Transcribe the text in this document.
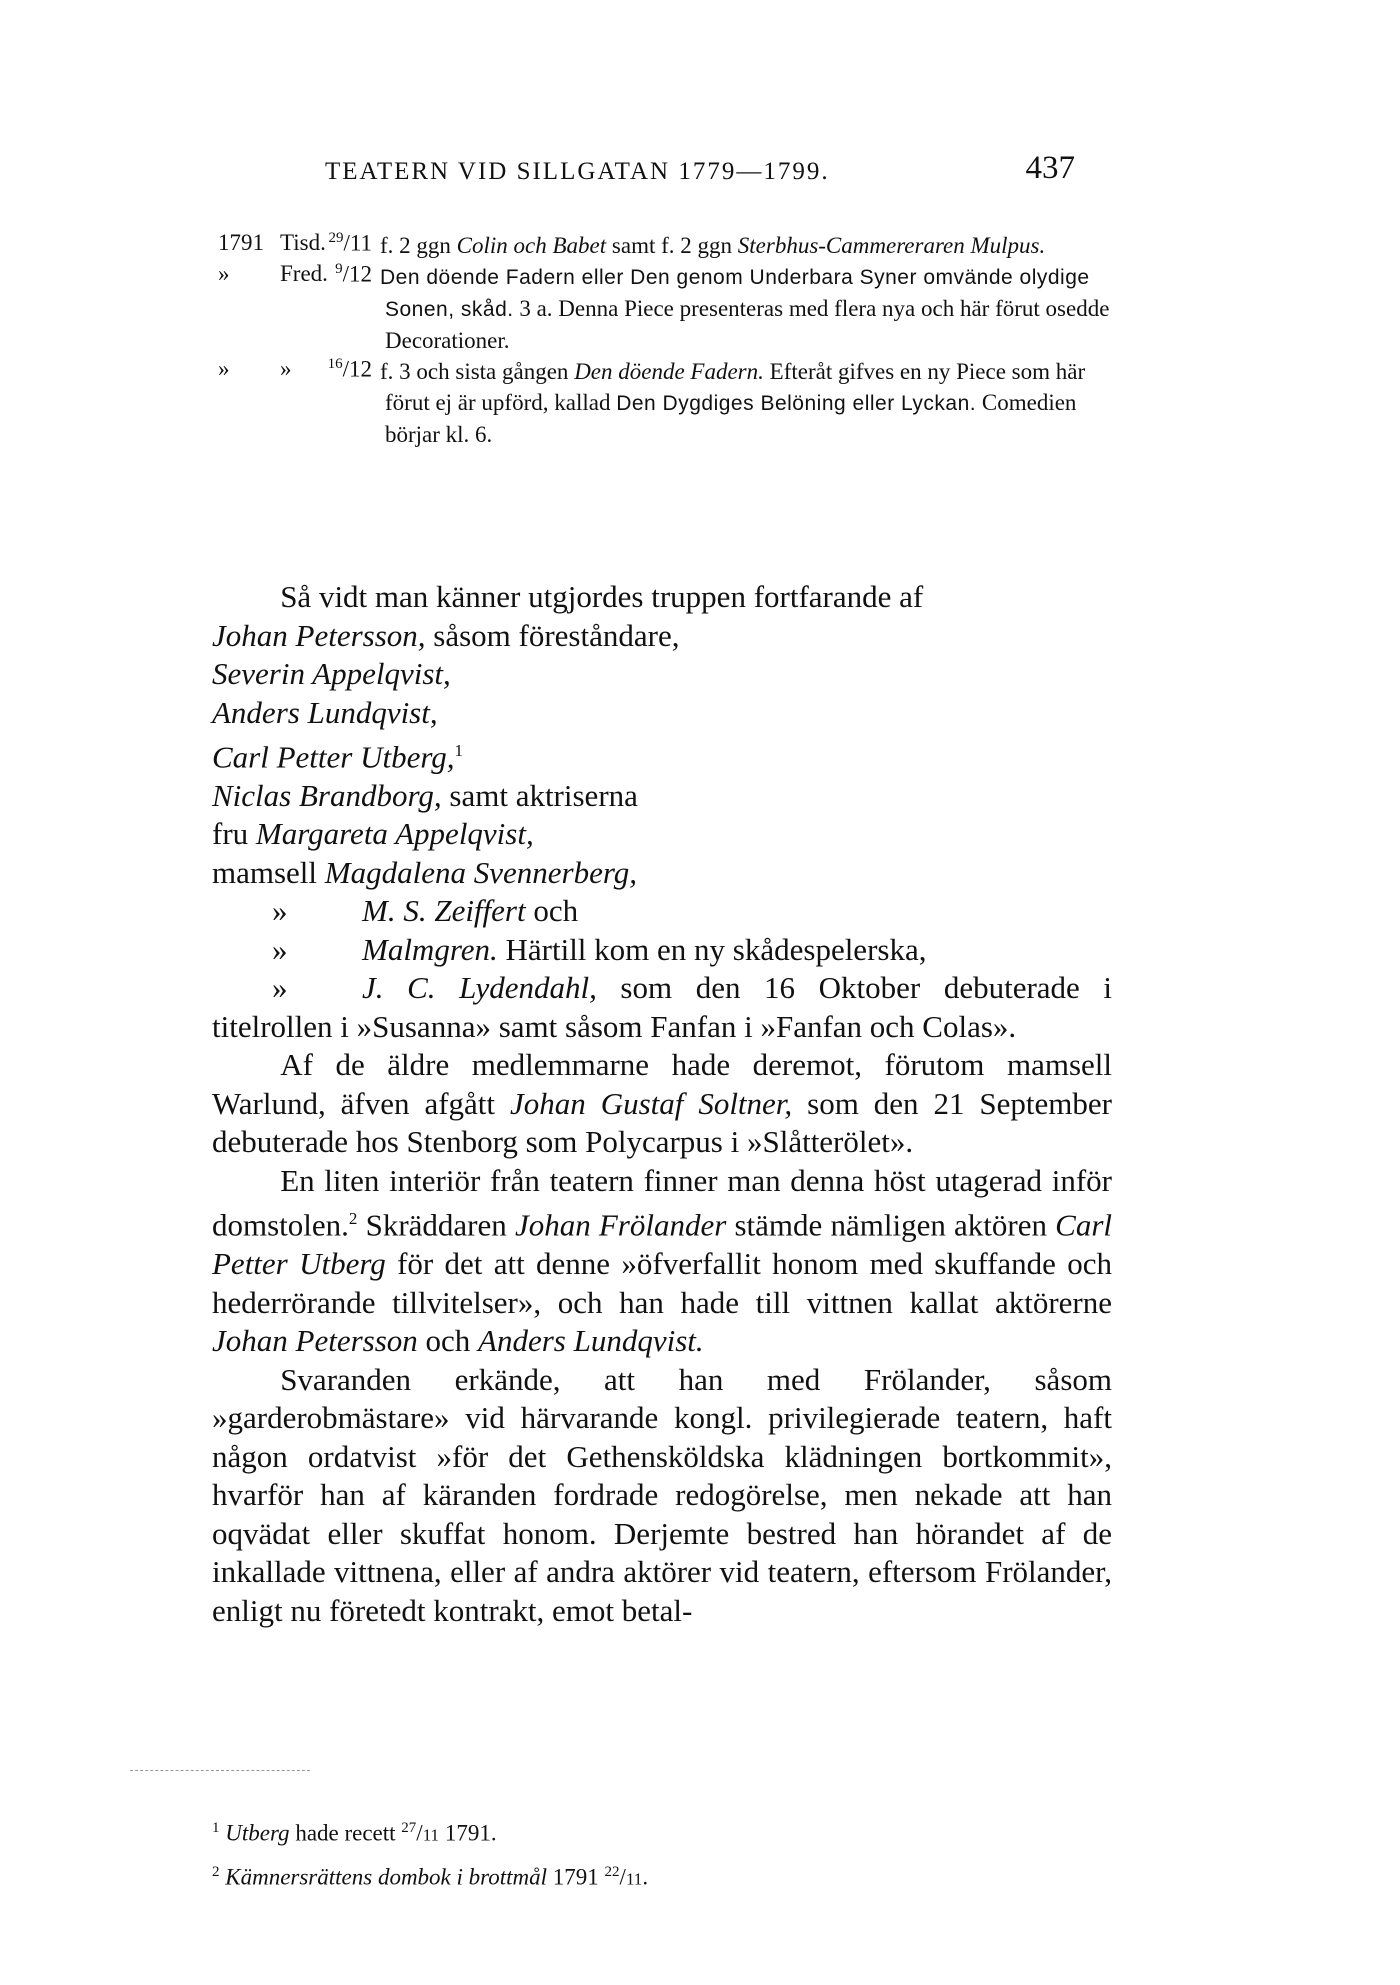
TEATERN VID SILLGATAN 1779—1799.	437
1791 Tisd. $^{29}$/11 f. 2 ggn Colin och Babet samt f. 2 ggn Sterbhus-Cammereraren Mulpus.
» Fred. $^9$/12 Den döende Fadern eller Den genom Underbara Syner omvände olydige Sonen, skåd. 3 a. Denna Piece presenteras med flera nya och här förut osedde Decorationer.
» »	$^{16}$/12 f. 3 och sista gången Den döende Fadern. Efteråt gifves en ny Piece som här förut ej är upförd, kallad Den Dygdiges Belöning eller Lyckan. Comedien börjar kl. 6.

Så vidt man känner utgjordes truppen fortfarande af

Johan Petersson, såsom föreståndare,
Severin Appelqvist,
Anders Lundqvist,
Carl Petter Utberg,$^1$
Niclas Brandborg, samt aktriserna
fru Margareta Appelqvist,
mamsell Magdalena Svennerberg,
» M. S. Zeiffert och
» Malmgren. Härtill kom en ny skådespelerska,

» J. C. Lydendahl, som den 16 Oktober debuterade i titelrollen i »Susanna» samt såsom Fanfan i »Fanfan och Colas».

Af de äldre medlemmarne hade deremot, förutom mamsell Warlund, äfven afgått Johan Gustaf Soltner, som den 21 September debuterade hos Stenborg som Polycarpus i »Slåtterölet».

En liten interiör från teatern finner man denna höst utagerad inför domstolen.$^2$ Skräddaren Johan Frölander stämde nämligen aktören Carl Petter Utberg för det att denne »öfverfallit honom med skuffande och hederrörande tillvitelser», och han hade till vittnen kallat aktörerne Johan Petersson och Anders Lundqvist.

Svaranden erkände, att han med Frölander, såsom »garderobmästare» vid härvarande kongl. privilegierade teatern, haft någon ordatvist »för det Gethensköldska klädningen bortkommit», hvarför han af käranden fordrade redogörelse, men nekade att han oqvädat eller skuffat honom. Derjemte bestred han hörandet af de inkallade vittnena, eller af andra aktörer vid teatern, eftersom Frölander, enligt nu företedt kontrakt, emot betal-

$^1$ Utberg hade recett $^{27}$/11 1791.
$^2$ Kämnersrättens dombok i brottmål 1791 $^{22}$/11.
